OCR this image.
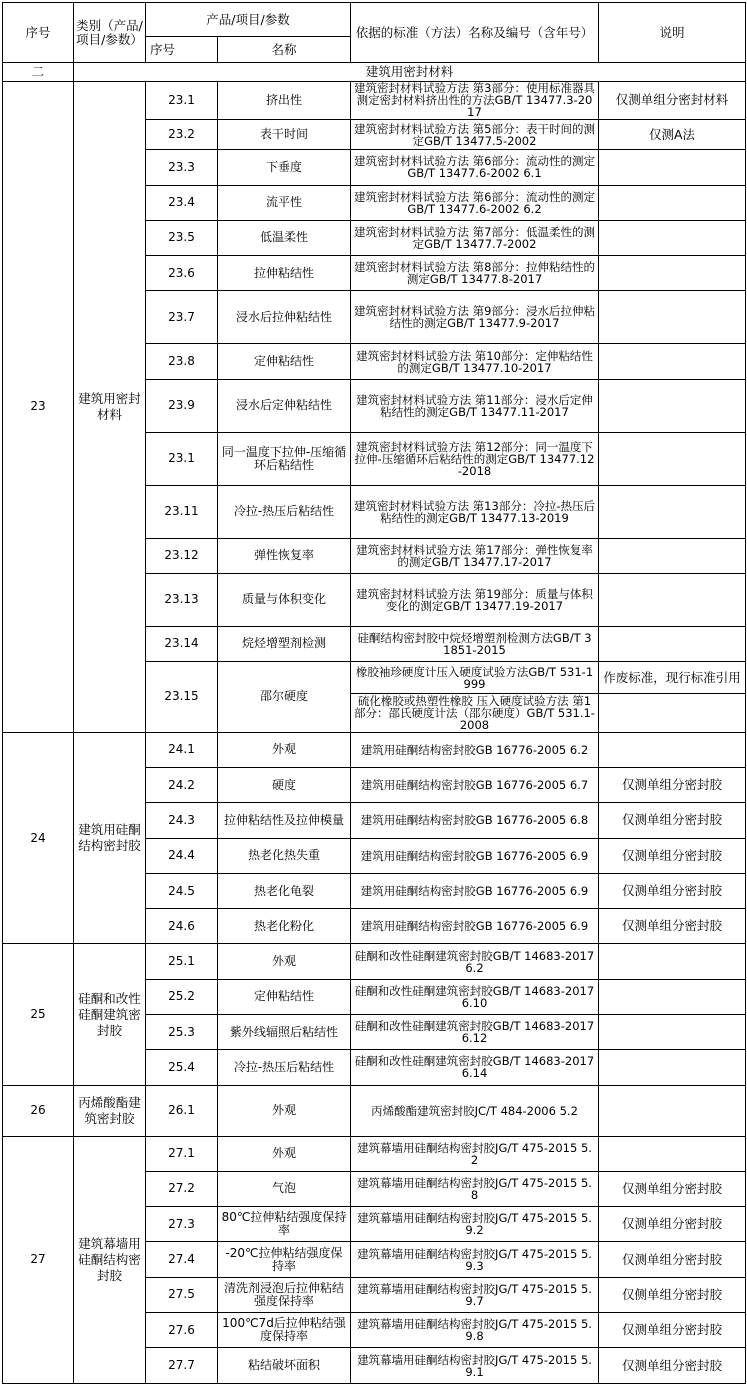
序号	类别（产品/项目/参数）	产品/项目/参数		依据的标准（方法）名称及编号（含年号）	说明
		序号	名称		
二	建筑用密封材料				
23	建筑用密封材料	23.1	挤出性	建筑密封材料试验方法 第3部分：使用标准器具测定密封材料挤出性的方法GB/T 13477.3-2017	仅测单组分密封材料
		23.2	表干时间	建筑密封材料试验方法 第5部分：表干时间的测定GB/T 13477.5-2002	仅测A法
		23.3	下垂度	建筑密封材料试验方法 第6部分：流动性的测定GB/T 13477.6-2002 6.1	
		23.4	流平性	建筑密封材料试验方法 第6部分：流动性的测定GB/T 13477.6-2002 6.2	
		23.5	低温柔性	建筑密封材料试验方法 第7部分：低温柔性的测定GB/T 13477.7-2002	
		23.6	拉伸粘结性	建筑密封材料试验方法 第8部分：拉伸粘结性的测定GB/T 13477.8-2017	
		23.7	浸水后拉伸粘结性	建筑密封材料试验方法 第9部分：浸水后拉伸粘结性的测定GB/T 13477.9-2017	
		23.8	定伸粘结性	建筑密封材料试验方法 第10部分：定伸粘结性的测定GB/T 13477.10-2017	
		23.9	浸水后定伸粘结性	建筑密封材料试验方法 第11部分：浸水后定伸粘结性的测定GB/T 13477.11-2017	
		23.1	同一温度下拉伸-压缩循环后粘结性	建筑密封材料试验方法 第12部分：同一温度下拉伸-压缩循环后粘结性的测定GB/T 13477.12-2018	
		23.11	冷拉-热压后粘结性	建筑密封材料试验方法 第13部分：冷拉-热压后粘结性的测定GB/T 13477.13-2019	
		23.12	弹性恢复率	建筑密封材料试验方法 第17部分：弹性恢复率的测定GB/T 13477.17-2017	
		23.13	质量与体积变化	建筑密封材料试验方法 第19部分：质量与体积变化的测定GB/T 13477.19-2017	
		23.14	烷烃增塑剂检测	硅酮结构密封胶中烷烃增塑剂检测方法GB/T 31851-2015	
		23.15	邵尔硬度	橡胶袖珍硬度计压入硬度试验方法GB/T 531-1999	作废标准，现行标准引用
				硫化橡胶或热塑性橡胶 压入硬度试验方法 第1部分：邵氏硬度计法（邵尔硬度）GB/T 531.1-2008	
24	建筑用硅酮结构密封胶	24.1	外观	建筑用硅酮结构密封胶GB 16776-2005 6.2	
		24.2	硬度	建筑用硅酮结构密封胶GB 16776-2005 6.7	仅测单组分密封胶
		24.3	拉伸粘结性及拉伸模量	建筑用硅酮结构密封胶GB 16776-2005 6.8	仅测单组分密封胶
		24.4	热老化热失重	建筑用硅酮结构密封胶GB 16776-2005 6.9	仅测单组分密封胶
		24.5	热老化龟裂	建筑用硅酮结构密封胶GB 16776-2005 6.9	仅测单组分密封胶
		24.6	热老化粉化	建筑用硅酮结构密封胶GB 16776-2005 6.9	仅测单组分密封胶
25	硅酮和改性硅酮建筑密封胶	25.1	外观	硅酮和改性硅酮建筑密封胶GB/T 14683-2017 6.2	
		25.2	定伸粘结性	硅酮和改性硅酮建筑密封胶GB/T 14683-2017 6.10	
		25.3	紫外线辐照后粘结性	硅酮和改性硅酮建筑密封胶GB/T 14683-2017 6.12	
		25.4	冷拉-热压后粘结性	硅酮和改性硅酮建筑密封胶GB/T 14683-2017 6.14	
26	丙烯酸酯建筑密封胶	26.1	外观	丙烯酸酯建筑密封胶JC/T 484-2006 5.2	
27	建筑幕墙用硅酮结构密封胶	27.1	外观	建筑幕墙用硅酮结构密封胶JG/T 475-2015 5.2	
		27.2	气泡	建筑幕墙用硅酮结构密封胶JG/T 475-2015 5.8	仅测单组分密封胶
		27.3	80℃拉伸粘结强度保持率	建筑幕墙用硅酮结构密封胶JG/T 475-2015 5.9.2	仅测单组分密封胶
		27.4	-20℃拉伸粘结强度保持率	建筑幕墙用硅酮结构密封胶JG/T 475-2015 5.9.3	仅测单组分密封胶
		27.5	清洗剂浸泡后拉伸粘结强度保持率	建筑幕墙用硅酮结构密封胶JG/T 475-2015 5.9.7	仅侧单组分密封胶
		27.6	100℃7d后拉伸粘结强度保持率	建筑幕墙用硅酮结构密封胶JG/T 475-2015 5.9.8	仅测单组分密封胶
		27.7	粘结破坏面积	建筑幕墙用硅酮结构密封胶JG/T 475-2015 5.9.1	仅测单组分密封胶
